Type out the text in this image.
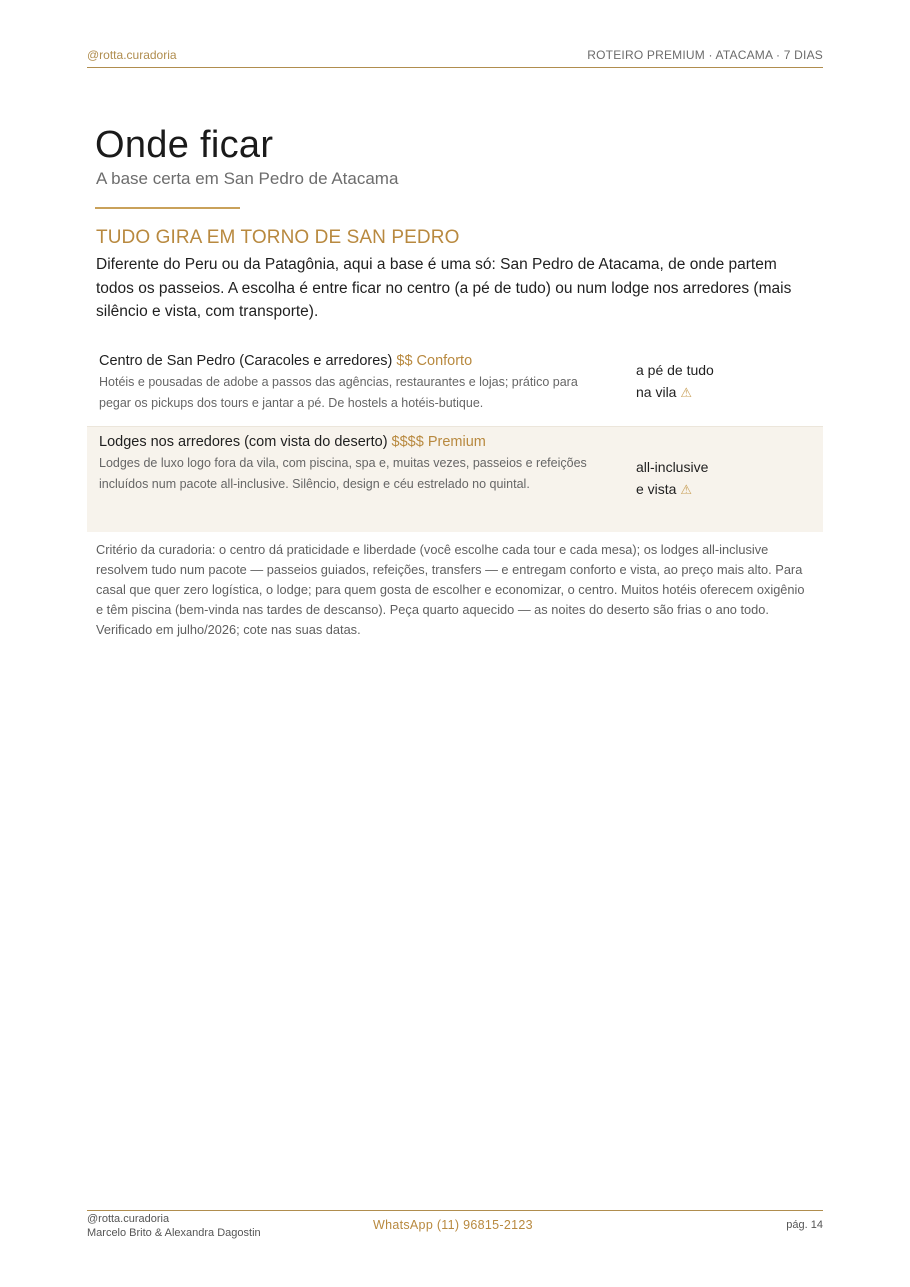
@rotta.curadoria	ROTEIRO PREMIUM · ATACAMA · 7 DIAS
Onde ficar
A base certa em San Pedro de Atacama
TUDO GIRA EM TORNO DE SAN PEDRO
Diferente do Peru ou da Patagônia, aqui a base é uma só: San Pedro de Atacama, de onde partem todos os passeios. A escolha é entre ficar no centro (a pé de tudo) ou num lodge nos arredores (mais silêncio e vista, com transporte).
Centro de San Pedro (Caracoles e arredores) $$ Conforto
Hotéis e pousadas de adobe a passos das agências, restaurantes e lojas; prático para pegar os pickups dos tours e jantar a pé. De hostels a hotéis-butique.
a pé de tudo
na vila ⚠
Lodges nos arredores (com vista do deserto) $$$$ Premium
Lodges de luxo logo fora da vila, com piscina, spa e, muitas vezes, passeios e refeições incluídos num pacote all-inclusive. Silêncio, design e céu estrelado no quintal.
all-inclusive
e vista ⚠
Critério da curadoria: o centro dá praticidade e liberdade (você escolhe cada tour e cada mesa); os lodges all-inclusive resolvem tudo num pacote — passeios guiados, refeições, transfers — e entregam conforto e vista, ao preço mais alto. Para casal que quer zero logística, o lodge; para quem gosta de escolher e economizar, o centro. Muitos hotéis oferecem oxigênio e têm piscina (bem-vinda nas tardes de descanso). Peça quarto aquecido — as noites do deserto são frias o ano todo. Verificado em julho/2026; cote nas suas datas.
@rotta.curadoria
Marcelo Brito & Alexandra Dagostin
WhatsApp (11) 96815-2123	pág. 14
